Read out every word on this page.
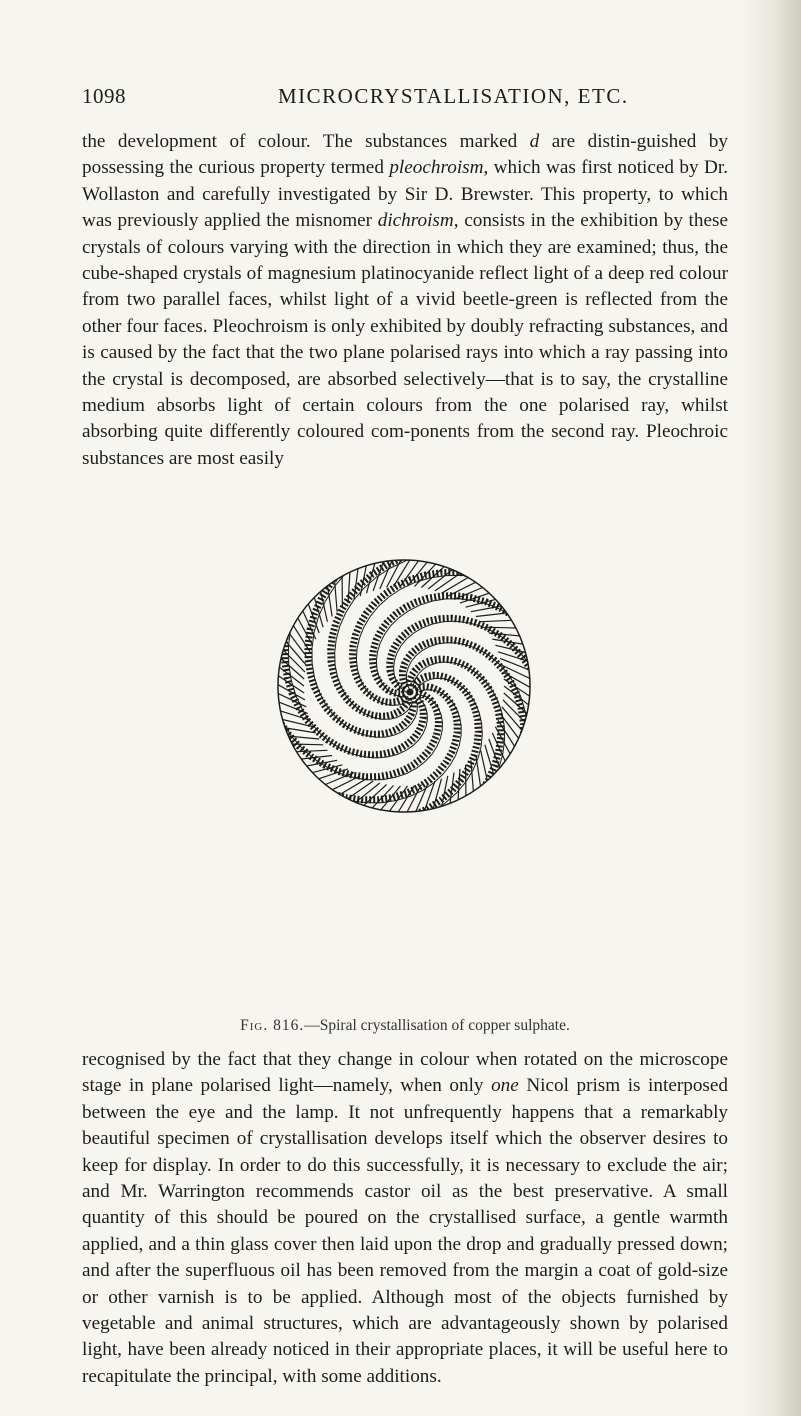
1098	MICROCRYSTALLISATION, ETC.

the development of colour. The substances marked d are distin-guished by possessing the curious property termed pleochroism, which was first noticed by Dr. Wollaston and carefully investigated by Sir D. Brewster. This property, to which was previously applied the misnomer dichroism, consists in the exhibition by these crystals of colours varying with the direction in which they are examined; thus, the cube-shaped crystals of magnesium platinocyanide reflect light of a deep red colour from two parallel faces, whilst light of a vivid beetle-green is reflected from the other four faces. Pleochroism is only exhibited by doubly refracting substances, and is caused by the fact that the two plane polarised rays into which a ray passing into the crystal is decomposed, are absorbed selectively—that is to say, the crystalline medium absorbs light of certain colours from the one polarised ray, whilst absorbing quite differently coloured com-ponents from the second ray. Pleochroic substances are most easily

Fig. 816.—Spiral crystallisation of copper sulphate.

recognised by the fact that they change in colour when rotated on the microscope stage in plane polarised light—namely, when only one Nicol prism is interposed between the eye and the lamp. It not unfrequently happens that a remarkably beautiful specimen of crystallisation develops itself which the observer desires to keep for display. In order to do this successfully, it is necessary to exclude the air; and Mr. Warrington recommends castor oil as the best preservative. A small quantity of this should be poured on the crystallised surface, a gentle warmth applied, and a thin glass cover then laid upon the drop and gradually pressed down; and after the superfluous oil has been removed from the margin a coat of gold-size or other varnish is to be applied. Although most of the objects furnished by vegetable and animal structures, which are advantageously shown by polarised light, have been already noticed in their appropriate places, it will be useful here to recapitulate the principal, with some additions.
